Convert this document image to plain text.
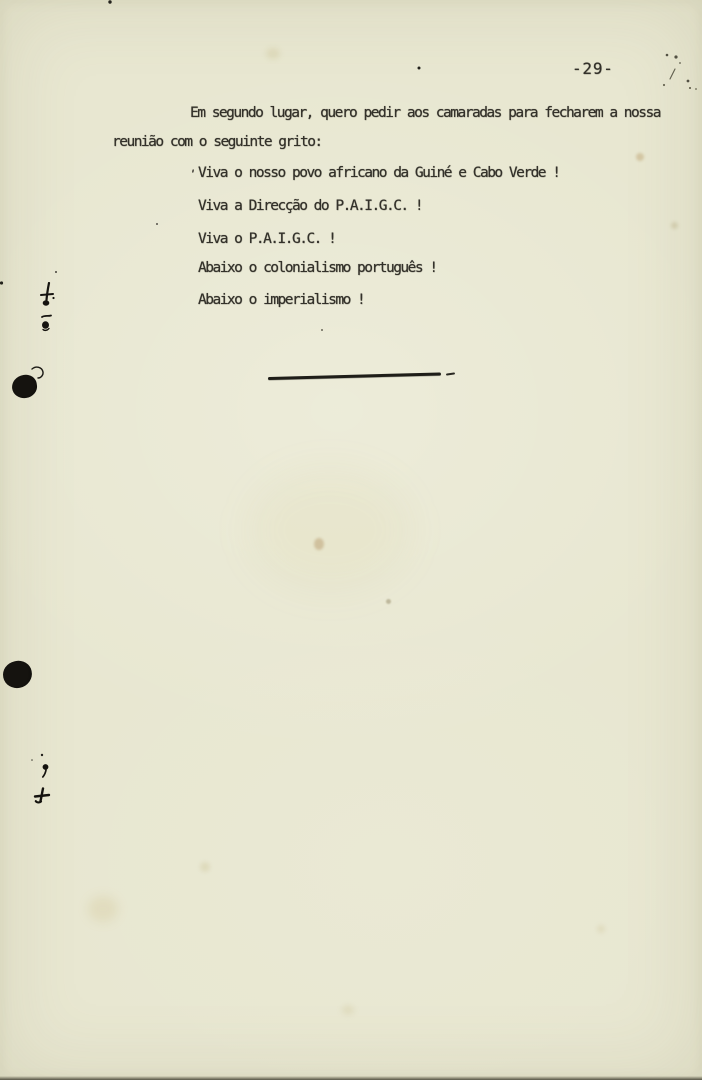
-29-
Em segundo lugar, quero pedir aos camaradas para fecharem a nossa
reunião com o seguinte grito:
Viva o nosso povo africano da Guiné e Cabo Verde !
Viva a Direcção do P.A.I.G.C. !
Viva o P.A.I.G.C. !
Abaixo o colonialismo português !
Abaixo o imperialismo !
